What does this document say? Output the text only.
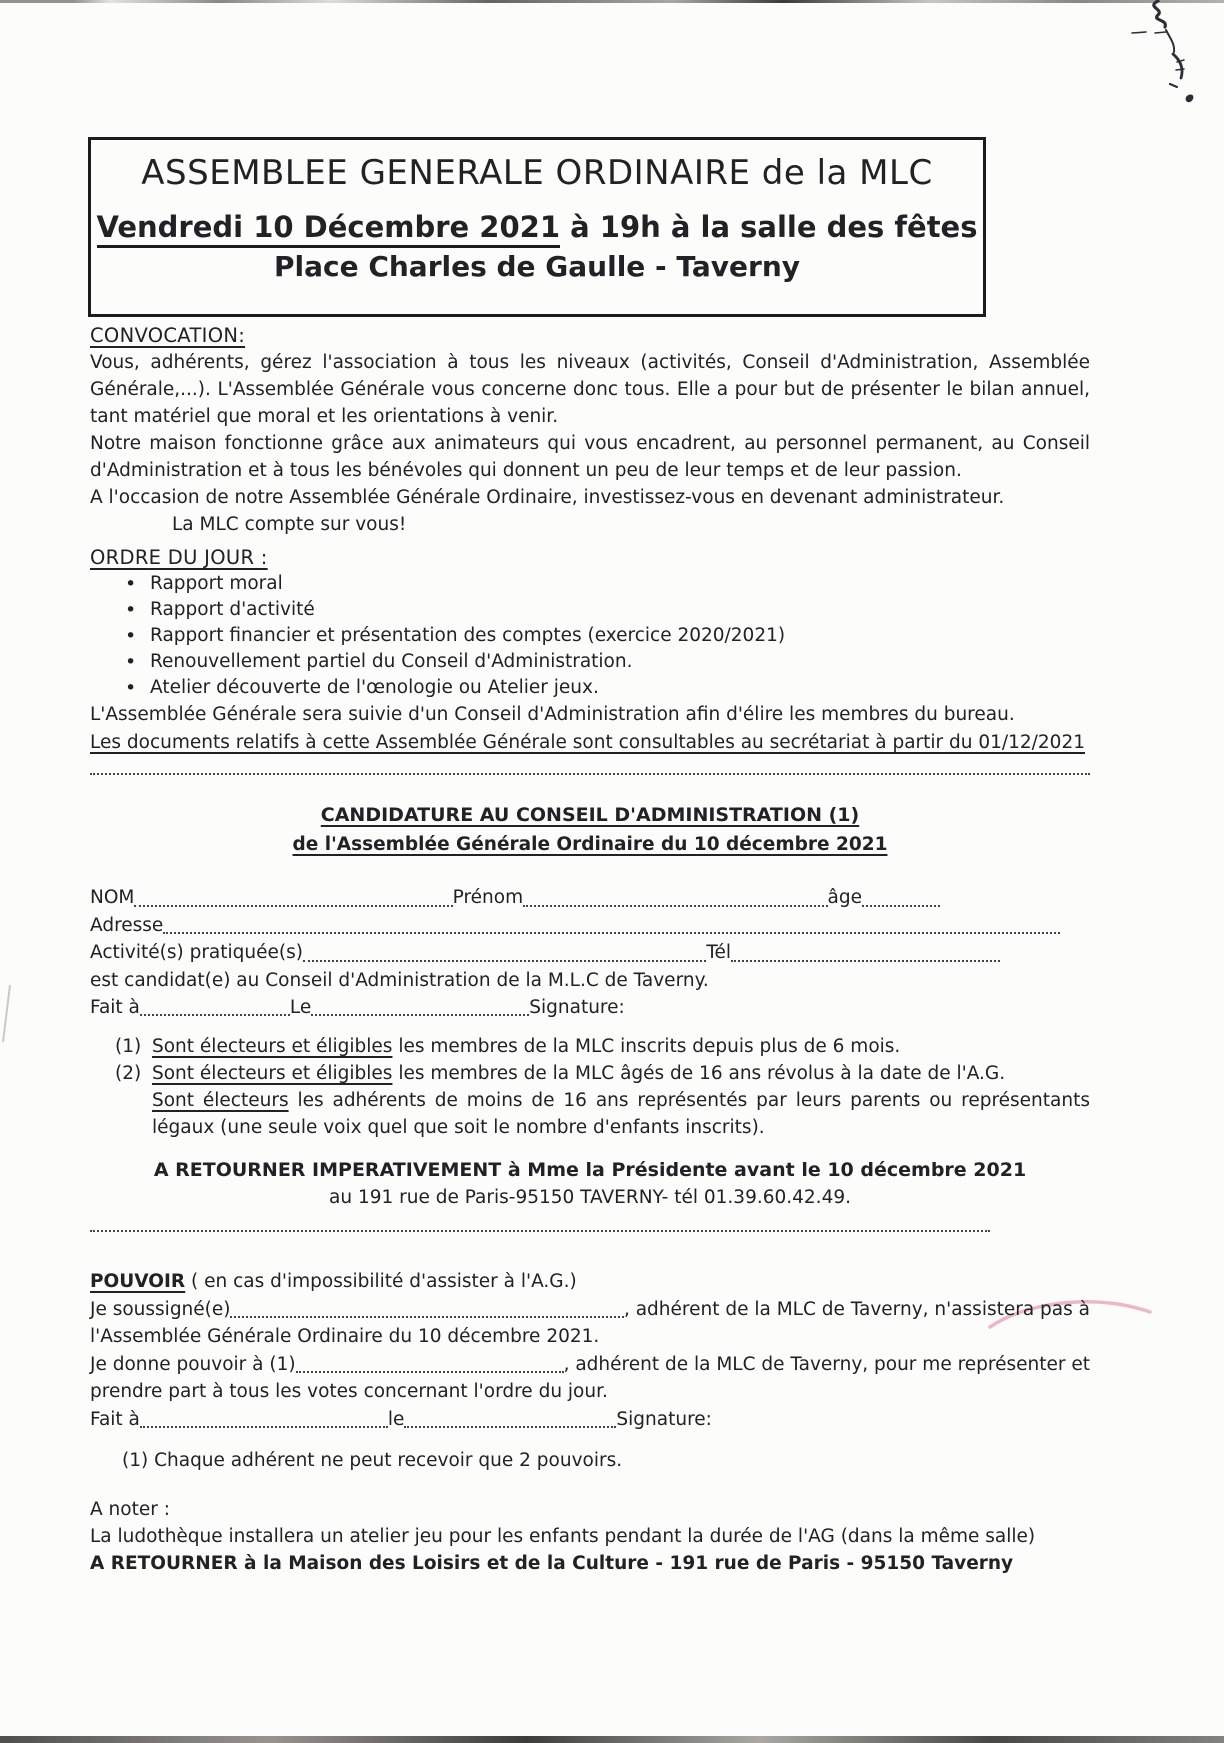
ASSEMBLEE GENERALE ORDINAIRE de la MLC
Vendredi 10 Décembre 2021 à 19h à la salle des fêtes
Place Charles de Gaulle - Taverny
CONVOCATION:

Vous, adhérents, gérez l'association à tous les niveaux (activités, Conseil d'Administration, Assemblée Générale,...). L'Assemblée Générale vous concerne donc tous. Elle a pour but de présenter le bilan annuel, tant matériel que moral et les orientations à venir.

Notre maison fonctionne grâce aux animateurs qui vous encadrent, au personnel permanent, au Conseil d'Administration et à tous les bénévoles qui donnent un peu de leur temps et de leur passion.

A l'occasion de notre Assemblée Générale Ordinaire, investissez-vous en devenant administrateur.

La MLC compte sur vous!

ORDRE DU JOUR :
• Rapport moral
• Rapport d'activité
• Rapport financier et présentation des comptes (exercice 2020/2021)
• Renouvellement partiel du Conseil d'Administration.
• Atelier découverte de l'œnologie ou Atelier jeux.

L'Assemblée Générale sera suivie d'un Conseil d'Administration afin d'élire les membres du bureau.

Les documents relatifs à cette Assemblée Générale sont consultables au secrétariat à partir du 01/12/2021

CANDIDATURE AU CONSEIL D'ADMINISTRATION (1)
de l'Assemblée Générale Ordinaire du 10 décembre 2021
NOM	Prénom	âge
Adresse
Activité(s) pratiquée(s)	Tél

est candidat(e) au Conseil d'Administration de la M.L.C de Taverny.

Fait à	Le	Signature:
(1) Sont électeurs et éligibles les membres de la MLC inscrits depuis plus de 6 mois.
(2) Sont électeurs et éligibles les membres de la MLC âgés de 16 ans révolus à la date de l'A.G.
Sont électeurs les adhérents de moins de 16 ans représentés par leurs parents ou représentants légaux (une seule voix quel que soit le nombre d'enfants inscrits).
A RETOURNER IMPERATIVEMENT à Mme la Présidente avant le 10 décembre 2021
au 191 rue de Paris-95150 TAVERNY- tél 01.39.60.42.49.
POUVOIR ( en cas d'impossibilité d'assister à l'A.G.)
Je soussigné(e)	, adhérent de la MLC de Taverny, n'assistera pas à

l'Assemblée Générale Ordinaire du 10 décembre 2021.

Je donne pouvoir à (1)	, adhérent de la MLC de Taverny, pour me représenter et

prendre part à tous les votes concernant l'ordre du jour.

Fait à	le	Signature:
(1) Chaque adhérent ne peut recevoir que 2 pouvoirs.

A noter :

La ludothèque installera un atelier jeu pour les enfants pendant la durée de l'AG (dans la même salle)

A RETOURNER à la Maison des Loisirs et de la Culture - 191 rue de Paris - 95150 Taverny
